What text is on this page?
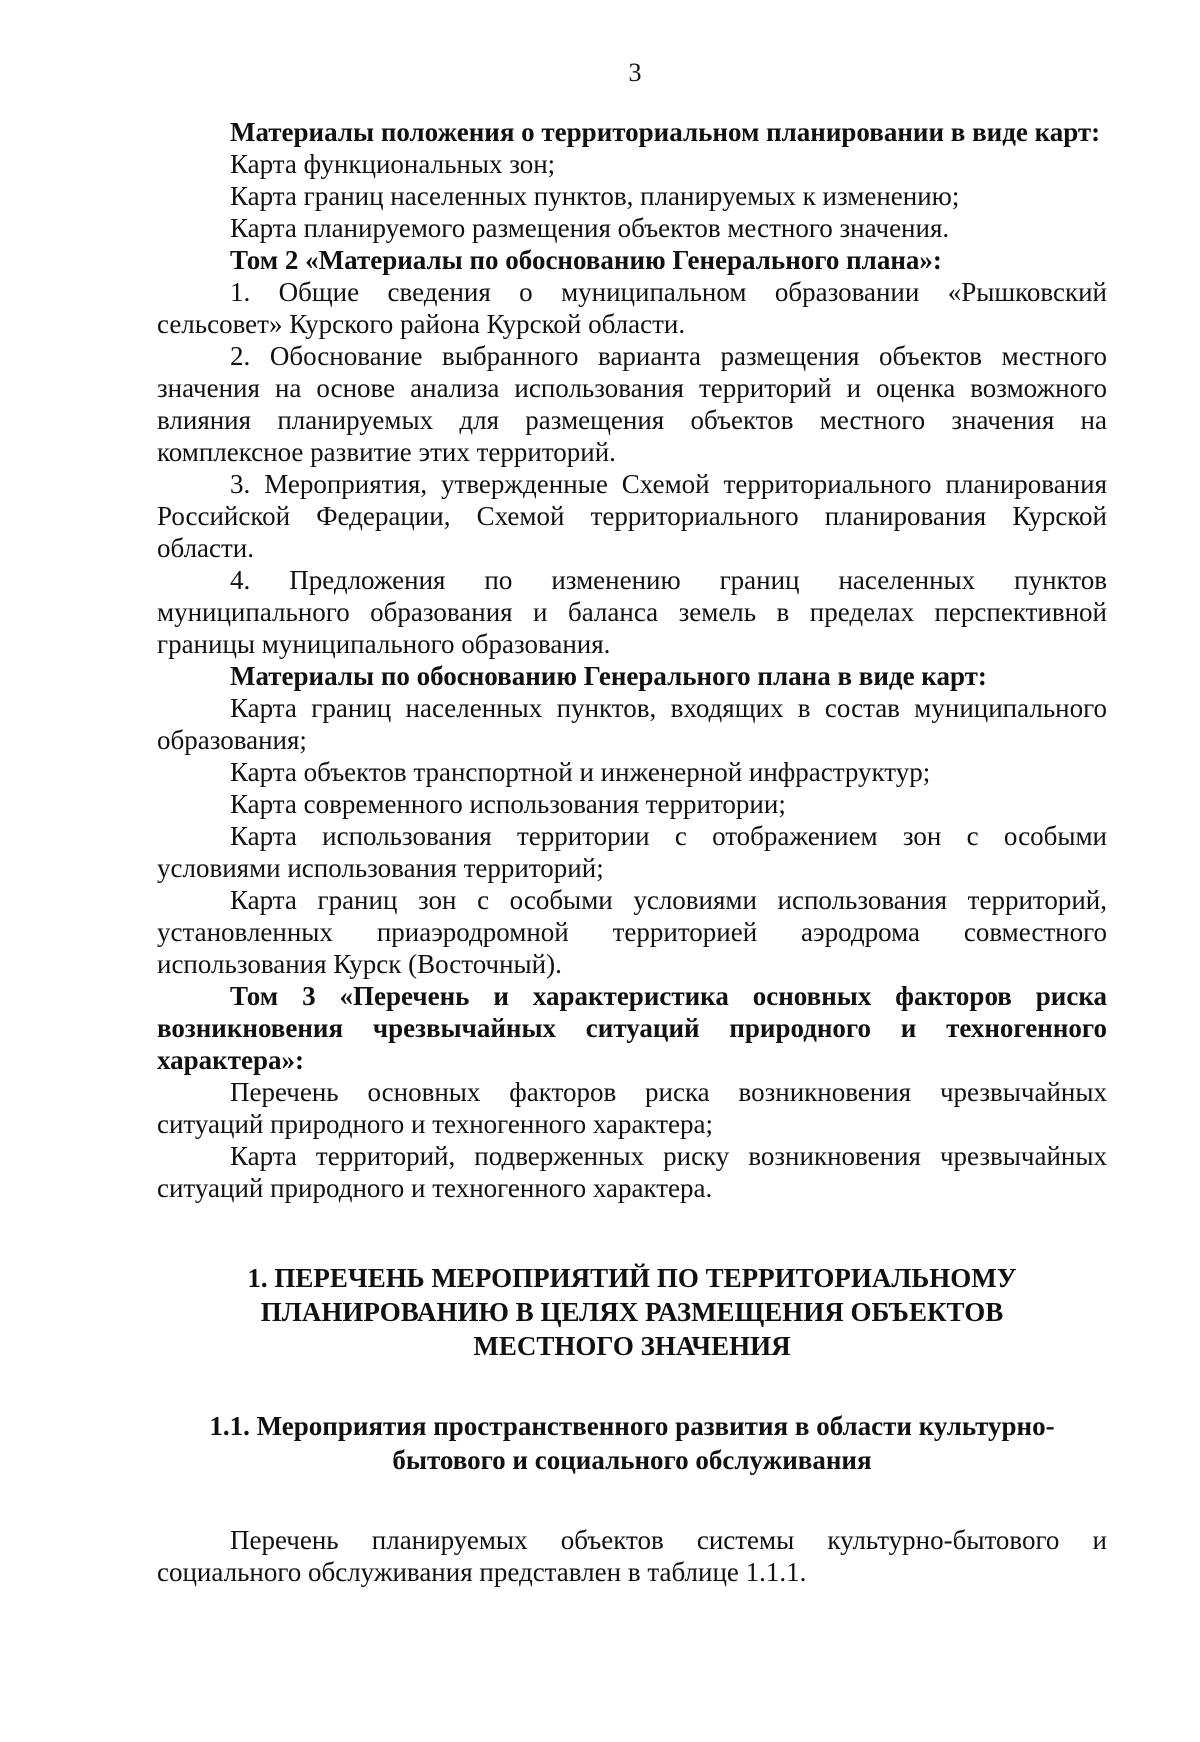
3

Материалы положения о территориальном планировании в виде карт:

Карта функциональных зон;

Карта границ населенных пунктов, планируемых к изменению;

Карта планируемого размещения объектов местного значения.

Том 2 «Материалы по обоснованию Генерального плана»:

1. Общие сведения о муниципальном образовании «Рышковский сельсовет» Курского района Курской области.

2. Обоснование выбранного варианта размещения объектов местного значения на основе анализа использования территорий и оценка возможного влияния планируемых для размещения объектов местного значения на комплексное развитие этих территорий.

3. Мероприятия, утвержденные Схемой территориального планирования Российской Федерации, Схемой территориального планирования Курской области.

4. Предложения по изменению границ населенных пунктов муниципального образования и баланса земель в пределах перспективной границы муниципального образования.

Материалы по обоснованию Генерального плана в виде карт:

Карта границ населенных пунктов, входящих в состав муниципального образования;

Карта объектов транспортной и инженерной инфраструктур;

Карта современного использования территории;

Карта использования территории с отображением зон с особыми условиями использования территорий;

Карта границ зон с особыми условиями использования территорий, установленных приаэродромной территорией аэродрома совместного использования Курск (Восточный).

Том 3 «Перечень и характеристика основных факторов риска возникновения чрезвычайных ситуаций природного и техногенного характера»:

Перечень основных факторов риска возникновения чрезвычайных ситуаций природного и техногенного характера;

Карта территорий, подверженных риску возникновения чрезвычайных ситуаций природного и техногенного характера.

1. ПЕРЕЧЕНЬ МЕРОПРИЯТИЙ ПО ТЕРРИТОРИАЛЬНОМУ ПЛАНИРОВАНИЮ В ЦЕЛЯХ РАЗМЕЩЕНИЯ ОБЪЕКТОВ МЕСТНОГО ЗНАЧЕНИЯ
1.1. Мероприятия пространственного развития в области культурно-бытового и социального обслуживания

Перечень планируемых объектов системы культурно-бытового и социального обслуживания представлен в таблице 1.1.1.
